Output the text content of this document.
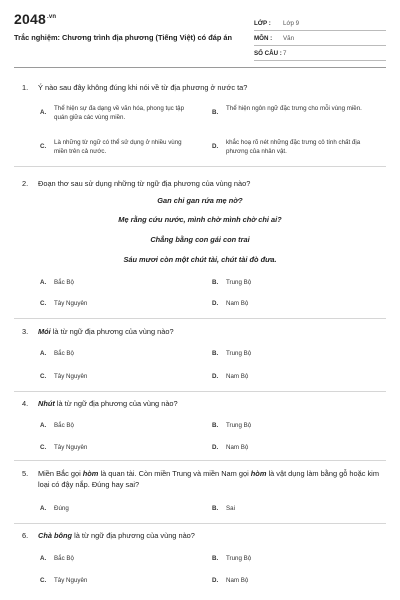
$2048^{.vn}$
Trắc nghiệm: Chương trình địa phương (Tiếng Việt) có đáp án
LỚP : Lớp 9
MÔN : Văn
SỐ CÂU : 7
1. Ý nào sau đây không đúng khi nói về từ địa phương ở nước ta?
A.
Thể hiện sự đa dạng về văn hóa, phong tục tập quán giữa các vùng miền.
B.
Thể hiện ngôn ngữ đặc trưng cho mỗi vùng miền.
C.
Là những từ ngữ có thể sử dụng ở nhiều vùng miền trên cả nước.
D.
khắc hoạ rõ nét những đặc trưng cô tính chất địa phương của nhân vật.
2. Đoạn thơ sau sử dụng những từ ngữ địa phương của vùng nào?
Gan chi gan rứa mẹ nờ?
Mẹ rằng cứu nước, mình chờ mình chờ chi ai?
Chẳng bằng con gái con trai
Sáu mươi còn một chút tài, chút tài đò đưa.
A. Bắc Bộ	B. Trung Bộ
C. Tây Nguyên	D. Nam Bộ
3. Mói là từ ngữ địa phương của vùng nào?
A. Bắc Bộ	B. Trung Bộ
C. Tây Nguyên	D. Nam Bộ
4. Nhút là từ ngữ địa phương của vùng nào?
A. Bắc Bộ	B. Trung Bộ
C. Tây Nguyên	D. Nam Bộ
5. Miền Bắc gọi hòm là quan tài. Còn miền Trung và miền Nam gọi hòm là vật dụng làm bằng gỗ hoặc kim loại có đậy nắp. Đúng hay sai?
A. Đúng	B. Sai
6. Chà bông là từ ngữ địa phương của vùng nào?
A. Bắc Bộ	B. Trung Bộ
C. Tây Nguyên	D. Nam Bộ
